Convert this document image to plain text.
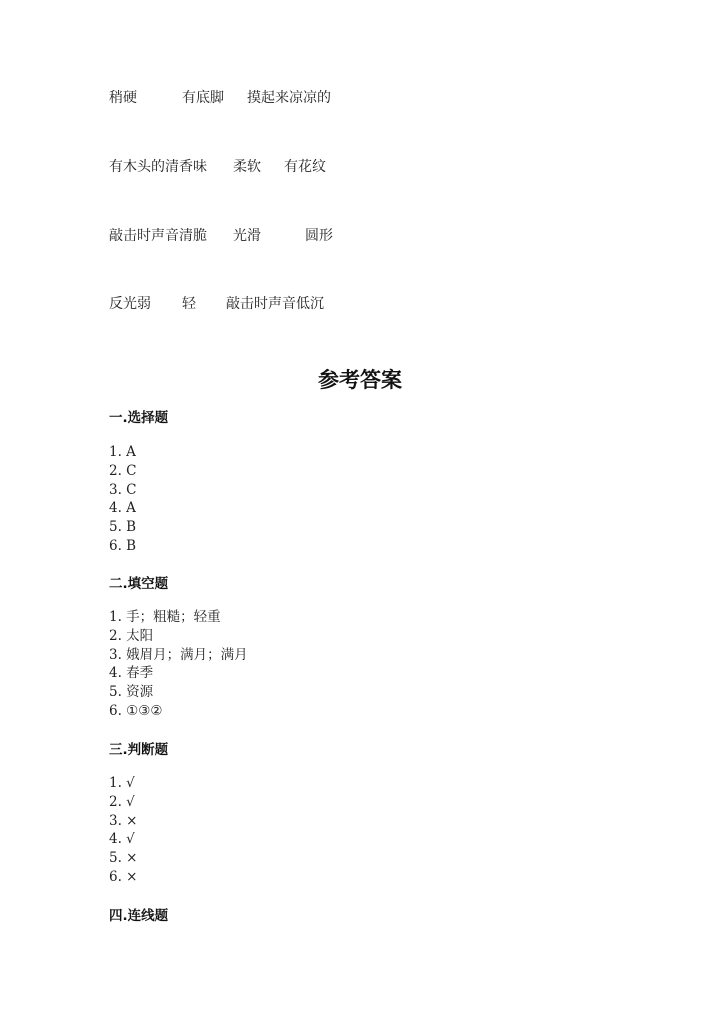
稍硬	有底脚 摸起来凉凉的
有木头的清香味 柔软 有花纹
敲击时声音清脆 光滑	圆形
反光弱 轻 敲击时声音低沉
参考答案
一.选择题
1. A
2. C
3. C
4. A
5. B
6. B
二.填空题
1. 手；粗糙；轻重
2. 太阳
3. 娥眉月；满月；满月
4. 春季
5. 资源
6. ①③②
三.判断题
1. √
2. √
3. ×
4. √
5. ×
6. ×
四.连线题
